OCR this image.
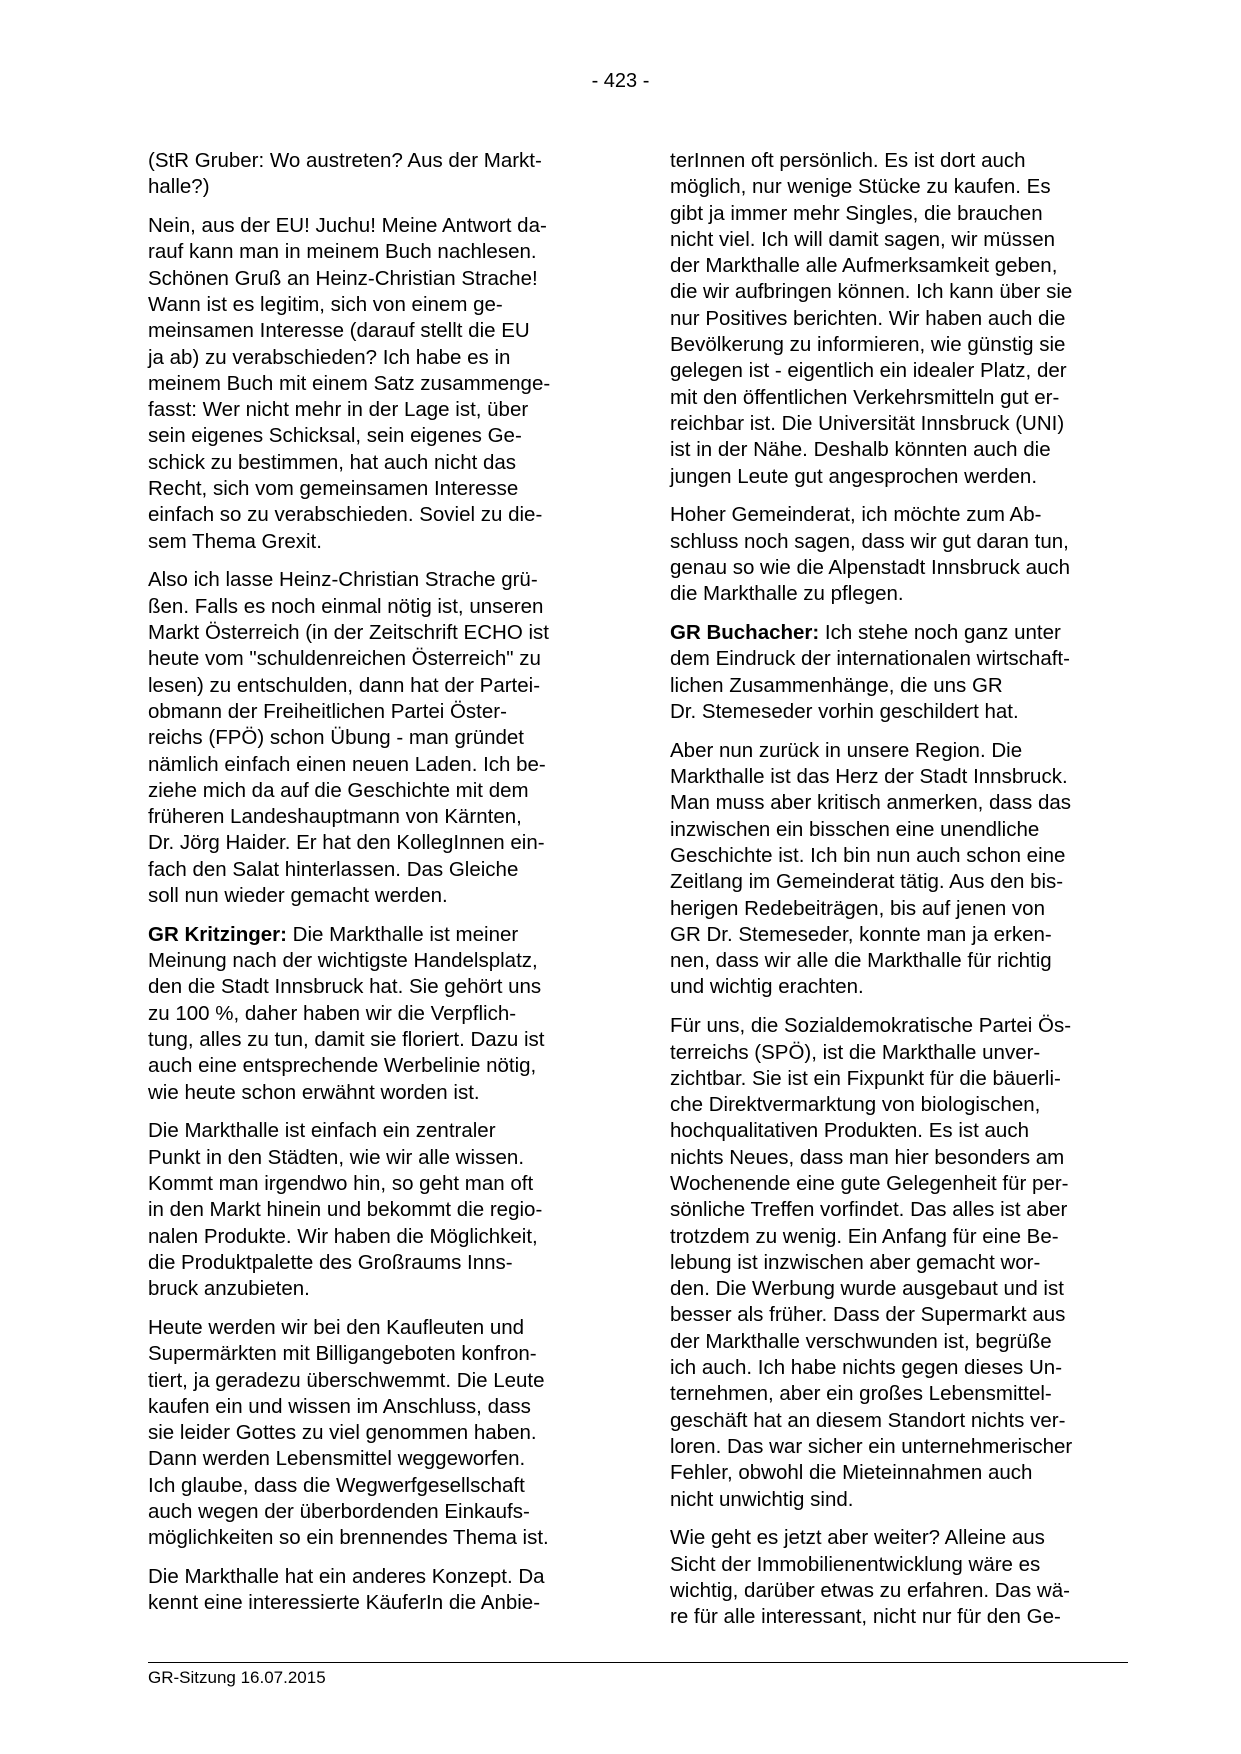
- 423 -

(StR Gruber: Wo austreten? Aus der Markt-
halle?)

Nein, aus der EU! Juchu! Meine Antwort da-
rauf kann man in meinem Buch nachlesen.
Schönen Gruß an Heinz-Christian Strache!
Wann ist es legitim, sich von einem ge-
meinsamen Interesse (darauf stellt die EU
ja ab) zu verabschieden? Ich habe es in
meinem Buch mit einem Satz zusammenge-
fasst: Wer nicht mehr in der Lage ist, über
sein eigenes Schicksal, sein eigenes Ge-
schick zu bestimmen, hat auch nicht das
Recht, sich vom gemeinsamen Interesse
einfach so zu verabschieden. Soviel zu die-
sem Thema Grexit.

Also ich lasse Heinz-Christian Strache grü-
ßen. Falls es noch einmal nötig ist, unseren
Markt Österreich (in der Zeitschrift ECHO ist
heute vom "schuldenreichen Österreich" zu
lesen) zu entschulden, dann hat der Partei-
obmann der Freiheitlichen Partei Öster-
reichs (FPÖ) schon Übung - man gründet
nämlich einfach einen neuen Laden. Ich be-
ziehe mich da auf die Geschichte mit dem
früheren Landeshauptmann von Kärnten,
Dr. Jörg Haider. Er hat den KollegInnen ein-
fach den Salat hinterlassen. Das Gleiche
soll nun wieder gemacht werden.

GR Kritzinger: Die Markthalle ist meiner
Meinung nach der wichtigste Handelsplatz,
den die Stadt Innsbruck hat. Sie gehört uns
zu 100 %, daher haben wir die Verpflich-
tung, alles zu tun, damit sie floriert. Dazu ist
auch eine entsprechende Werbelinie nötig,
wie heute schon erwähnt worden ist.

Die Markthalle ist einfach ein zentraler
Punkt in den Städten, wie wir alle wissen.
Kommt man irgendwo hin, so geht man oft
in den Markt hinein und bekommt die regio-
nalen Produkte. Wir haben die Möglichkeit,
die Produktpalette des Großraums Inns-
bruck anzubieten.

Heute werden wir bei den Kaufleuten und
Supermärkten mit Billigangeboten konfron-
tiert, ja geradezu überschwemmt. Die Leute
kaufen ein und wissen im Anschluss, dass
sie leider Gottes zu viel genommen haben.
Dann werden Lebensmittel weggeworfen.
Ich glaube, dass die Wegwerfgesellschaft
auch wegen der überbordenden Einkaufs-
möglichkeiten so ein brennendes Thema ist.

Die Markthalle hat ein anderes Konzept. Da
kennt eine interessierte KäuferIn die Anbie-

terInnen oft persönlich. Es ist dort auch
möglich, nur wenige Stücke zu kaufen. Es
gibt ja immer mehr Singles, die brauchen
nicht viel. Ich will damit sagen, wir müssen
der Markthalle alle Aufmerksamkeit geben,
die wir aufbringen können. Ich kann über sie
nur Positives berichten. Wir haben auch die
Bevölkerung zu informieren, wie günstig sie
gelegen ist - eigentlich ein idealer Platz, der
mit den öffentlichen Verkehrsmitteln gut er-
reichbar ist. Die Universität Innsbruck (UNI)
ist in der Nähe. Deshalb könnten auch die
jungen Leute gut angesprochen werden.

Hoher Gemeinderat, ich möchte zum Ab-
schluss noch sagen, dass wir gut daran tun,
genau so wie die Alpenstadt Innsbruck auch
die Markthalle zu pflegen.

GR Buchacher: Ich stehe noch ganz unter
dem Eindruck der internationalen wirtschaft-
lichen Zusammenhänge, die uns GR
Dr. Stemeseder vorhin geschildert hat.

Aber nun zurück in unsere Region. Die
Markthalle ist das Herz der Stadt Innsbruck.
Man muss aber kritisch anmerken, dass das
inzwischen ein bisschen eine unendliche
Geschichte ist. Ich bin nun auch schon eine
Zeitlang im Gemeinderat tätig. Aus den bis-
herigen Redebeiträgen, bis auf jenen von
GR Dr. Stemeseder, konnte man ja erken-
nen, dass wir alle die Markthalle für richtig
und wichtig erachten.

Für uns, die Sozialdemokratische Partei Ös-
terreichs (SPÖ), ist die Markthalle unver-
zichtbar. Sie ist ein Fixpunkt für die bäuerli-
che Direktvermarktung von biologischen,
hochqualitativen Produkten. Es ist auch
nichts Neues, dass man hier besonders am
Wochenende eine gute Gelegenheit für per-
sönliche Treffen vorfindet. Das alles ist aber
trotzdem zu wenig. Ein Anfang für eine Be-
lebung ist inzwischen aber gemacht wor-
den. Die Werbung wurde ausgebaut und ist
besser als früher. Dass der Supermarkt aus
der Markthalle verschwunden ist, begrüße
ich auch. Ich habe nichts gegen dieses Un-
ternehmen, aber ein großes Lebensmittel-
geschäft hat an diesem Standort nichts ver-
loren. Das war sicher ein unternehmerischer
Fehler, obwohl die Mieteinnahmen auch
nicht unwichtig sind.

Wie geht es jetzt aber weiter? Alleine aus
Sicht der Immobilienentwicklung wäre es
wichtig, darüber etwas zu erfahren. Das wä-
re für alle interessant, nicht nur für den Ge-

GR-Sitzung 16.07.2015
